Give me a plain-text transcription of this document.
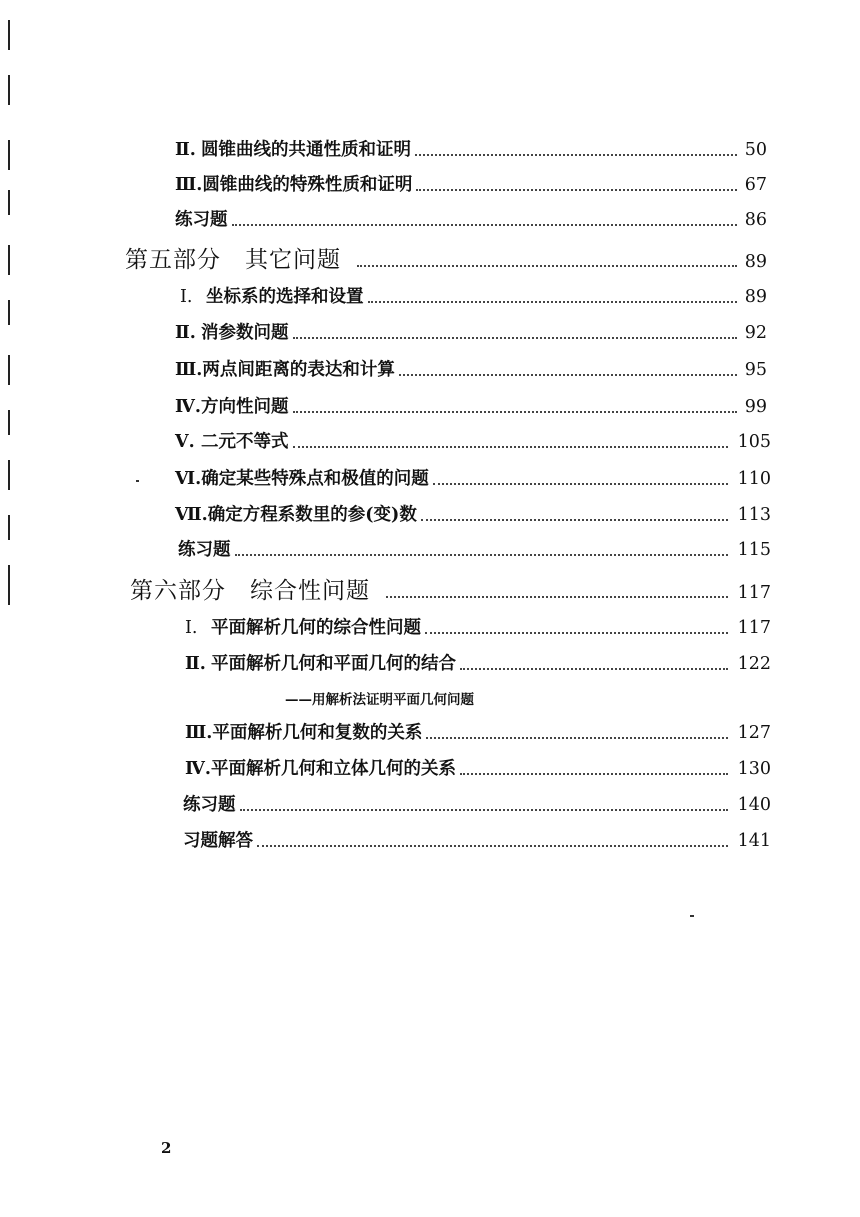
Ⅱ. 圆锥曲线的共通性质和证明	50
Ⅲ. 圆锥曲线的特殊性质和证明	67
练习题	86
第五部分　其它问题	89
Ⅰ. 坐标系的选择和设置	89
Ⅱ. 消参数问题	92
Ⅲ. 两点间距离的表达和计算	95
Ⅳ. 方向性问题	99
Ⅴ. 二元不等式	105
Ⅵ. 确定某些特殊点和极值的问题	110
Ⅶ. 确定方程系数里的参(变)数	113
练习题	115
第六部分　综合性问题	117
Ⅰ. 平面解析几何的综合性问题	117
Ⅱ. 平面解析几何和平面几何的结合	122
——用解析法证明平面几何问题
Ⅲ. 平面解析几何和复数的关系	127
Ⅳ. 平面解析几何和立体几何的关系	130
练习题	140
习题解答	141
2
